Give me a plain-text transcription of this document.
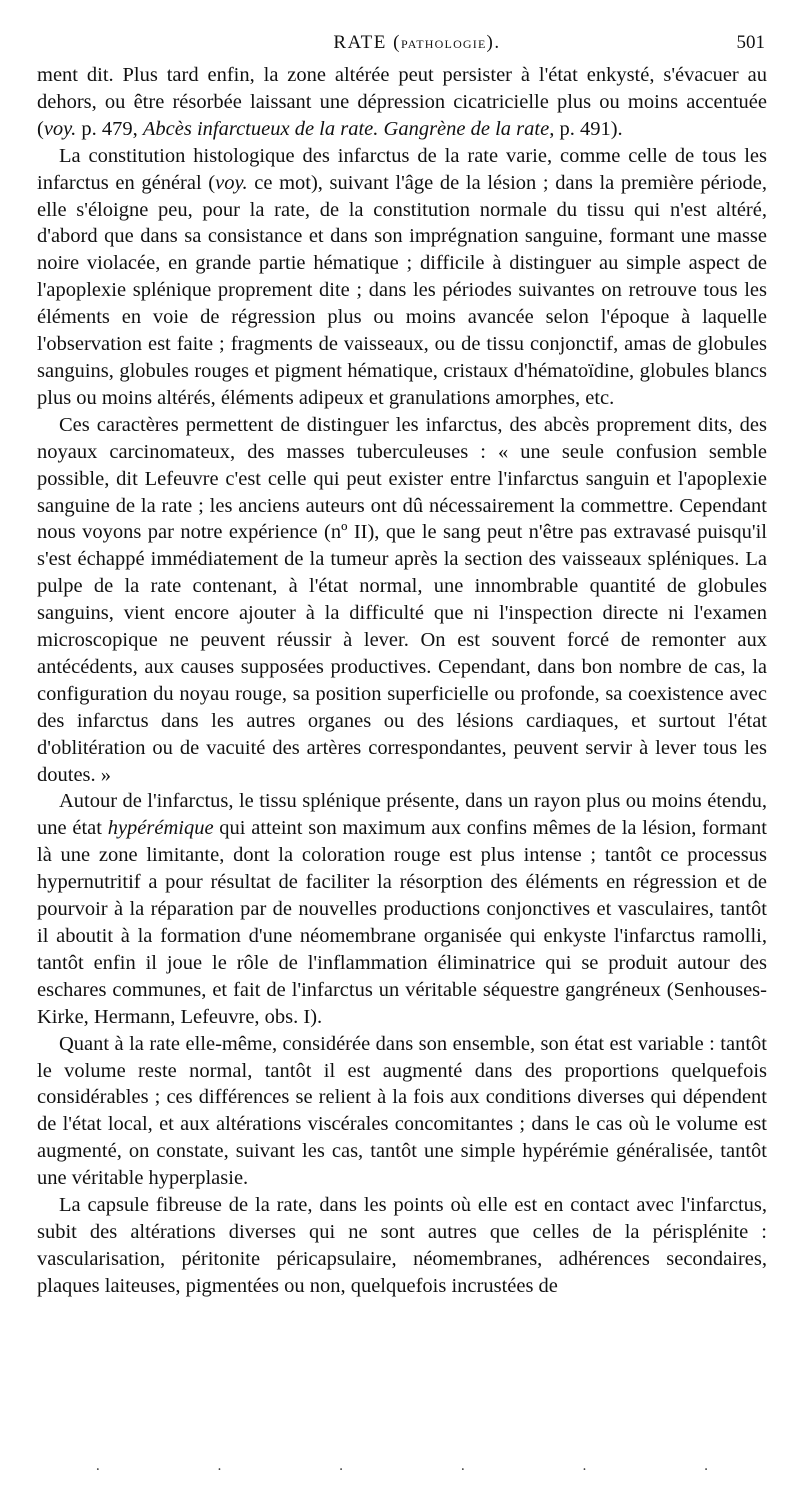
RATE (PATHOLOGIE).	501

ment dit. Plus tard enfin, la zone altérée peut persister à l'état enkysté, s'évacuer au dehors, ou être résorbée laissant une dépression cicatricielle plus ou moins accentuée (voy. p. 479, Abcès infarctueux de la rate. Gangrène de la rate, p. 491).

La constitution histologique des infarctus de la rate varie, comme celle de tous les infarctus en général (voy. ce mot), suivant l'âge de la lésion ; dans la première période, elle s'éloigne peu, pour la rate, de la constitution normale du tissu qui n'est altéré, d'abord que dans sa consistance et dans son imprégnation sanguine, formant une masse noire violacée, en grande partie hématique ; difficile à distinguer au simple aspect de l'apoplexie splénique proprement dite ; dans les périodes suivantes on retrouve tous les éléments en voie de régression plus ou moins avancée selon l'époque à laquelle l'observation est faite ; fragments de vaisseaux, ou de tissu conjonctif, amas de globules sanguins, globules rouges et pigment hématique, cristaux d'hématoïdine, globules blancs plus ou moins altérés, éléments adipeux et granulations amorphes, etc.

Ces caractères permettent de distinguer les infarctus, des abcès proprement dits, des noyaux carcinomateux, des masses tuberculeuses : « une seule confusion semble possible, dit Lefeuvre c'est celle qui peut exister entre l'infarctus sanguin et l'apoplexie sanguine de la rate ; les anciens auteurs ont dû nécessairement la commettre. Cependant nous voyons par notre expérience (nº II), que le sang peut n'être pas extravasé puisqu'il s'est échappé immédiatement de la tumeur après la section des vaisseaux spléniques. La pulpe de la rate contenant, à l'état normal, une innombrable quantité de globules sanguins, vient encore ajouter à la difficulté que ni l'inspection directe ni l'examen microscopique ne peuvent réussir à lever. On est souvent forcé de remonter aux antécédents, aux causes supposées productives. Cependant, dans bon nombre de cas, la configuration du noyau rouge, sa position superficielle ou profonde, sa coexistence avec des infarctus dans les autres organes ou des lésions cardiaques, et surtout l'état d'oblitération ou de vacuité des artères correspondantes, peuvent servir à lever tous les doutes. »

Autour de l'infarctus, le tissu splénique présente, dans un rayon plus ou moins étendu, une état hypérémique qui atteint son maximum aux confins mêmes de la lésion, formant là une zone limitante, dont la coloration rouge est plus intense ; tantôt ce processus hypernutritif a pour résultat de faciliter la résorption des éléments en régression et de pourvoir à la réparation par de nouvelles productions conjonctives et vasculaires, tantôt il aboutit à la formation d'une néomembrane organisée qui enkyste l'infarctus ramolli, tantôt enfin il joue le rôle de l'inflammation éliminatrice qui se produit autour des eschares communes, et fait de l'infarctus un véritable séquestre gangréneux (Senhouses-Kirke, Hermann, Lefeuvre, obs. I).

Quant à la rate elle-même, considérée dans son ensemble, son état est variable : tantôt le volume reste normal, tantôt il est augmenté dans des proportions quelquefois considérables ; ces différences se relient à la fois aux conditions diverses qui dépendent de l'état local, et aux altérations viscérales concomitantes ; dans le cas où le volume est augmenté, on constate, suivant les cas, tantôt une simple hypérémie généralisée, tantôt une véritable hyperplasie.

La capsule fibreuse de la rate, dans les points où elle est en contact avec l'infarctus, subit des altérations diverses qui ne sont autres que celles de la périsplénite : vascularisation, péritonite péricapsulaire, néomembranes, adhérences secondaires, plaques laiteuses, pigmentées ou non, quelquefois incrustées de

·	·	·	·	·	·
